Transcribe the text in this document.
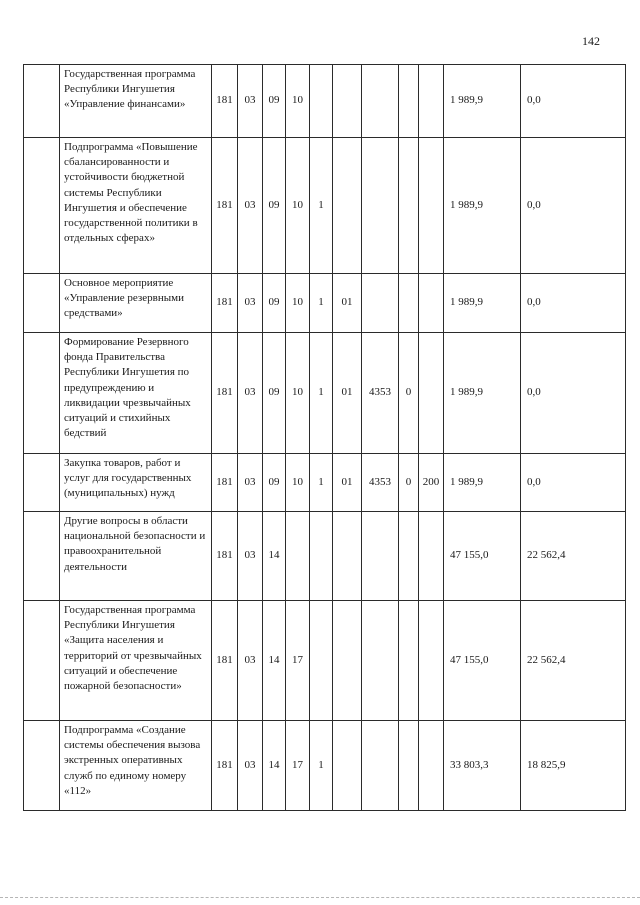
142
	Государственная программа Республики Ингушетия «Управление финансами»	181	03	09	10						1 989,9	0,0
	Подпрограмма «Повышение сбалансированности и устойчивости бюджетной системы Республики Ингушетия и обеспечение государственной политики в отдельных сферах»	181	03	09	10	1					1 989,9	0,0
	Основное мероприятие «Управление резервными средствами»	181	03	09	10	1	01				1 989,9	0,0
	Формирование Резервного фонда Правительства Республики Ингушетия по предупреждению и ликвидации чрезвычайных ситуаций и стихийных бедствий	181	03	09	10	1	01	4353	0		1 989,9	0,0
	Закупка товаров, работ и услуг для государственных (муниципальных) нужд	181	03	09	10	1	01	4353	0	200	1 989,9	0,0
	Другие вопросы в области национальной безопасности и правоохранительной деятельности	181	03	14							47 155,0	22 562,4
	Государственная программа Республики Ингушетия «Защита населения и территорий от чрезвычайных ситуаций и обеспечение пожарной безопасности»	181	03	14	17						47 155,0	22 562,4
	Подпрограмма «Создание системы обеспечения вызова экстренных оперативных служб по единому номеру «112»	181	03	14	17	1					33 803,3	18 825,9
